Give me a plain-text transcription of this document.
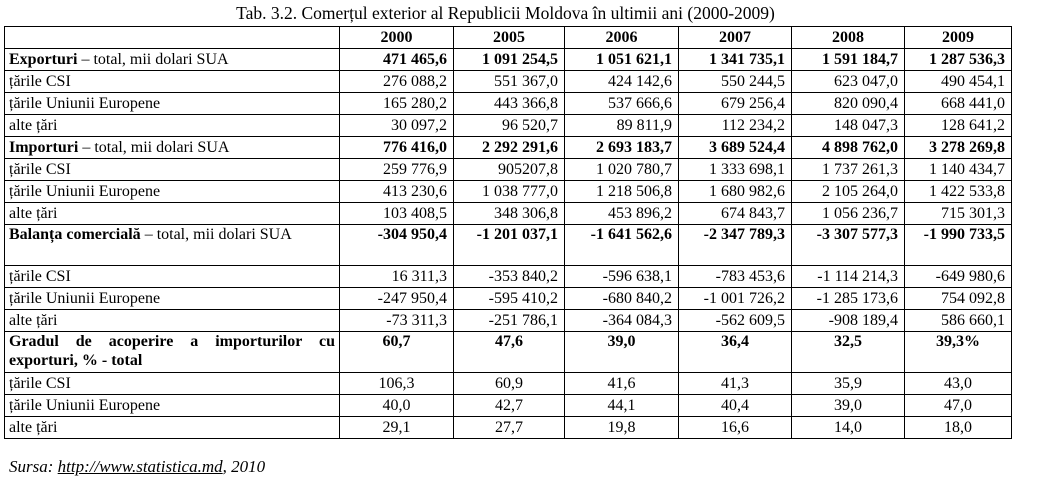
Tab. 3.2. Comerțul exterior al Republicii Moldova în ultimii ani (2000-2009)
	2000	2005	2006	2007	2008	2009
Exporturi – total, mii dolari SUA	471 465,6	1 091 254,5	1 051 621,1	1 341 735,1	1 591 184,7	1 287 536,3
țările CSI	276 088,2	551 367,0	424 142,6	550 244,5	623 047,0	490 454,1
țările Uniunii Europene	165 280,2	443 366,8	537 666,6	679 256,4	820 090,4	668 441,0
alte țări	30 097,2	96 520,7	89 811,9	112 234,2	148 047,3	128 641,2
Importuri – total, mii dolari SUA	776 416,0	2 292 291,6	2 693 183,7	3 689 524,4	4 898 762,0	3 278 269,8
țările CSI	259 776,9	905207,8	1 020 780,7	1 333 698,1	1 737 261,3	1 140 434,7
țările Uniunii Europene	413 230,6	1 038 777,0	1 218 506,8	1 680 982,6	2 105 264,0	1 422 533,8
alte țări	103 408,5	348 306,8	453 896,2	674 843,7	1 056 236,7	715 301,3
Balanța comercială – total, mii dolari SUA	-304 950,4	-1 201 037,1	-1 641 562,6	-2 347 789,3	-3 307 577,3	-1 990 733,5
țările CSI	16 311,3	-353 840,2	-596 638,1	-783 453,6	-1 114 214,3	-649 980,6
țările Uniunii Europene	-247 950,4	-595 410,2	-680 840,2	-1 001 726,2	-1 285 173,6	754 092,8
alte țări	-73 311,3	-251 786,1	-364 084,3	-562 609,5	-908 189,4	586 660,1
Gradul de acoperire a importurilor cu exporturi, % - total	60,7	47,6	39,0	36,4	32,5	39,3%
țările CSI	106,3	60,9	41,6	41,3	35,9	43,0
țările Uniunii Europene	40,0	42,7	44,1	40,4	39,0	47,0
alte țări	29,1	27,7	19,8	16,6	14,0	18,0
Sursa: http://www.statistica.md, 2010
